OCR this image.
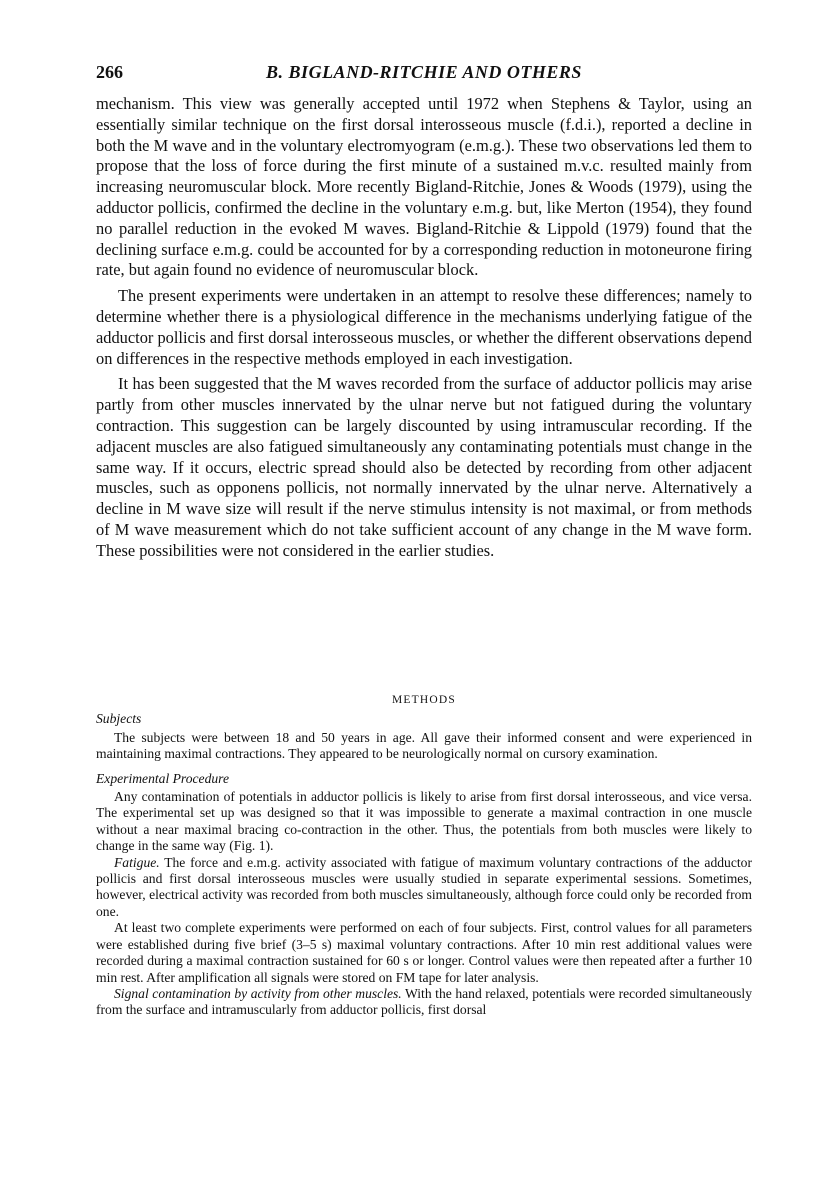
266	B. BIGLAND-RITCHIE AND OTHERS

mechanism. This view was generally accepted until 1972 when Stephens & Taylor, using an essentially similar technique on the first dorsal interosseous muscle (f.d.i.), reported a decline in both the M wave and in the voluntary electromyogram (e.m.g.). These two observations led them to propose that the loss of force during the first minute of a sustained m.v.c. resulted mainly from increasing neuromuscular block. More recently Bigland-Ritchie, Jones & Woods (1979), using the adductor pollicis, confirmed the decline in the voluntary e.m.g. but, like Merton (1954), they found no parallel reduction in the evoked M waves. Bigland-Ritchie & Lippold (1979) found that the declining surface e.m.g. could be accounted for by a corresponding reduction in motoneurone firing rate, but again found no evidence of neuromuscular block.

The present experiments were undertaken in an attempt to resolve these differences; namely to determine whether there is a physiological difference in the mechanisms underlying fatigue of the adductor pollicis and first dorsal interosseous muscles, or whether the different observations depend on differences in the respective methods employed in each investigation.

It has been suggested that the M waves recorded from the surface of adductor pollicis may arise partly from other muscles innervated by the ulnar nerve but not fatigued during the voluntary contraction. This suggestion can be largely discounted by using intramuscular recording. If the adjacent muscles are also fatigued simultaneously any contaminating potentials must change in the same way. If it occurs, electric spread should also be detected by recording from other adjacent muscles, such as opponens pollicis, not normally innervated by the ulnar nerve. Alternatively a decline in M wave size will result if the nerve stimulus intensity is not maximal, or from methods of M wave measurement which do not take sufficient account of any change in the M wave form. These possibilities were not considered in the earlier studies.

METHODS
Subjects

The subjects were between 18 and 50 years in age. All gave their informed consent and were experienced in maintaining maximal contractions. They appeared to be neurologically normal on cursory examination.

Experimental Procedure

Any contamination of potentials in adductor pollicis is likely to arise from first dorsal interosseous, and vice versa. The experimental set up was designed so that it was impossible to generate a maximal contraction in one muscle without a near maximal bracing co-contraction in the other. Thus, the potentials from both muscles were likely to change in the same way (Fig. 1).

Fatigue. The force and e.m.g. activity associated with fatigue of maximum voluntary contractions of the adductor pollicis and first dorsal interosseous muscles were usually studied in separate experimental sessions. Sometimes, however, electrical activity was recorded from both muscles simultaneously, although force could only be recorded from one.

At least two complete experiments were performed on each of four subjects. First, control values for all parameters were established during five brief (3–5 s) maximal voluntary contractions. After 10 min rest additional values were recorded during a maximal contraction sustained for 60 s or longer. Control values were then repeated after a further 10 min rest. After amplification all signals were stored on FM tape for later analysis.

Signal contamination by activity from other muscles. With the hand relaxed, potentials were recorded simultaneously from the surface and intramuscularly from adductor pollicis, first dorsal
